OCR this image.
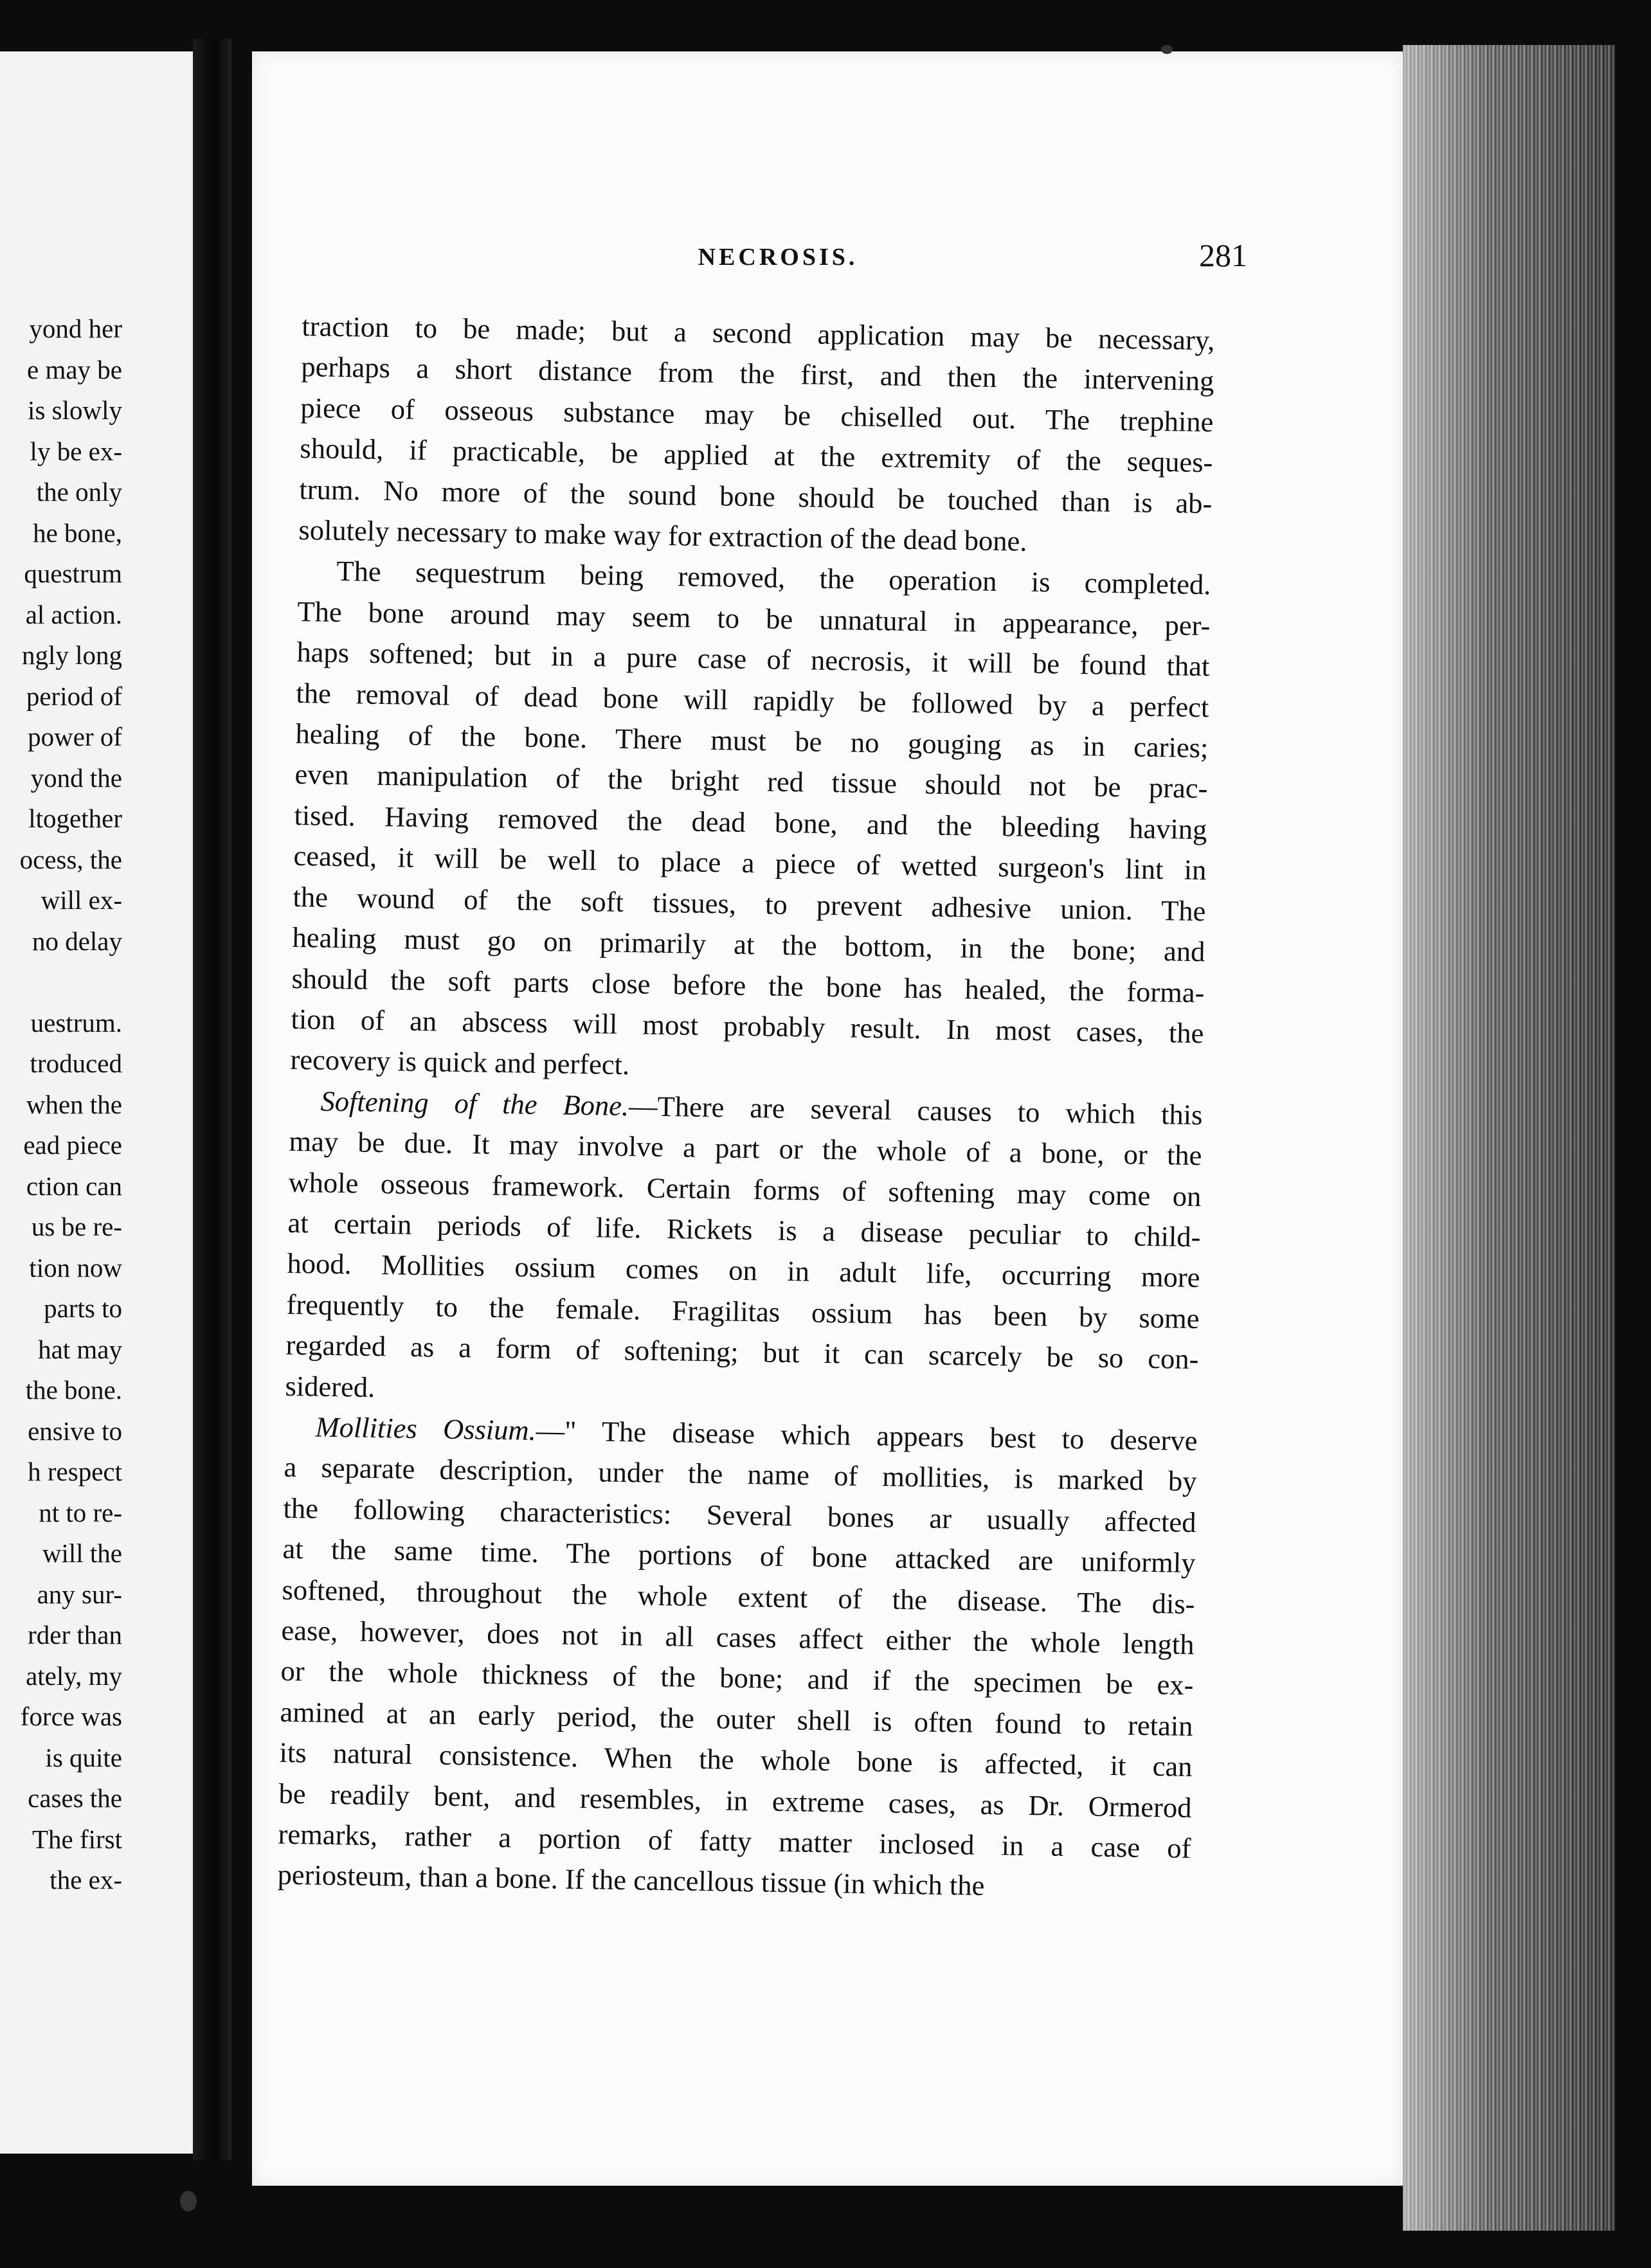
yond her
e may be
is slowly
ly be ex-
the only
he bone,
questrum
al action.
ngly long
period of
power of
yond the
ltogether
ocess, the
will ex-
no delay
uestrum.
troduced
when the
ead piece
ction can
us be re-
tion now
parts to
hat may
the bone.
ensive to
h respect
nt to re-
will the
any sur-
rder than
ately, my
force was
is quite
cases the
The first
the ex-
NECROSIS.	281

traction to be made; but a second application may be necessary,
perhaps a short distance from the first, and then the intervening
piece of osseous substance may be chiselled out. The trephine
should, if practicable, be applied at the extremity of the seques-
trum. No more of the sound bone should be touched than is ab-
solutely necessary to make way for extraction of the dead bone.

The sequestrum being removed, the operation is completed.
The bone around may seem to be unnatural in appearance, per-
haps softened; but in a pure case of necrosis, it will be found that
the removal of dead bone will rapidly be followed by a perfect
healing of the bone. There must be no gouging as in caries;
even manipulation of the bright red tissue should not be prac-
tised. Having removed the dead bone, and the bleeding having
ceased, it will be well to place a piece of wetted surgeon's lint in
the wound of the soft tissues, to prevent adhesive union. The
healing must go on primarily at the bottom, in the bone; and
should the soft parts close before the bone has healed, the forma-
tion of an abscess will most probably result. In most cases, the
recovery is quick and perfect.

Softening of the Bone.—There are several causes to which this
may be due. It may involve a part or the whole of a bone, or the
whole osseous framework. Certain forms of softening may come on
at certain periods of life. Rickets is a disease peculiar to child-
hood. Mollities ossium comes on in adult life, occurring more
frequently to the female. Fragilitas ossium has been by some
regarded as a form of softening; but it can scarcely be so con-
sidered.

Mollities Ossium.—" The disease which appears best to deserve
a separate description, under the name of mollities, is marked by
the following characteristics: Several bones ar usually affected
at the same time. The portions of bone attacked are uniformly
softened, throughout the whole extent of the disease. The dis-
ease, however, does not in all cases affect either the whole length
or the whole thickness of the bone; and if the specimen be ex-
amined at an early period, the outer shell is often found to retain
its natural consistence. When the whole bone is affected, it can
be readily bent, and resembles, in extreme cases, as Dr. Ormerod
remarks, rather a portion of fatty matter inclosed in a case of
periosteum, than a bone. If the cancellous tissue (in which the
